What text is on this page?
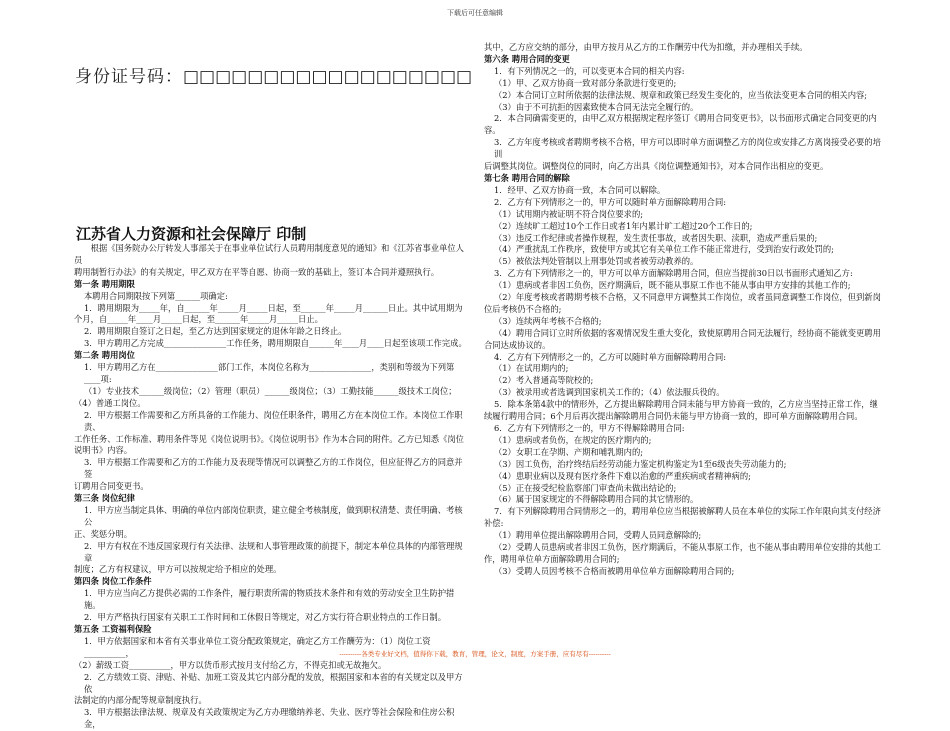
下载后可任意编辑
身份证号码：□□□□□□□□□□□□□□□□□□
江苏省人力资源和社会保障厅 印制

根据《国务院办公厅转发人事部关于在事业单位试行人员聘用制度意见的通知》和《江苏省事业单位人员

聘用制暂行办法》的有关规定，甲乙双方在平等自愿、协商一致的基础上，签订本合同并遵照执行。

第一条 聘用期限

本聘用合同期限按下列第______项确定:

1．聘用期限为_____年，自______年_____月_____日起，至______年_____月______日止。其中试用期为

个月，自_____年____月_____日起，至______年_____月_____日止。

2．聘用期限自签订之日起，至乙方达到国家规定的退休年龄之日终止。

3．甲方聘用乙方完成_______________工作任务，聘用期限自______年____月____日起至该项工作完成。

第二条 聘用岗位

1．甲方聘用乙方在_______________部门工作，本岗位名称为_______________，类别和等级为下列第____项:

（1）专业技术______级岗位；（2）管理（职员）______级岗位；（3）工勤技能______级技术工岗位；

（4）普通工岗位。

2．甲方根据工作需要和乙方所具备的工作能力、岗位任职条件，聘用乙方在本岗位工作。本岗位工作职责、

工作任务、工作标准、聘用条件等见《岗位说明书》。《岗位说明书》作为本合同的附件。乙方已知悉《岗位

说明书》内容。

3．甲方根据工作需要和乙方的工作能力及表现等情况可以调整乙方的工作岗位，但应征得乙方的同意并签

订聘用合同变更书。

第三条 岗位纪律

1．甲方应当制定具体、明确的单位内部岗位职责，建立健全考核制度，做到职权清楚、责任明确、考核公

正、奖惩分明。

2．甲方有权在不违反国家现行有关法律、法规和人事管理政策的前提下，制定本单位具体的内部管理规章

制度；乙方有权建议，甲方可以按规定给予相应的处理。

第四条 岗位工作条件

1．甲方应当向乙方提供必需的工作条件，履行职责所需的物质技术条件和有效的劳动安全卫生防护措施。

2．甲方严格执行国家有关职工工作时间和工休假日等规定，对乙方实行符合职业特点的工作日制。

第五条 工资福利保险

1．甲方依据国家和本省有关事业单位工资分配政策规定，确定乙方工作酬劳为：（1）岗位工资__________，

（2）薪级工资__________，甲方以货币形式按月支付给乙方，不得克扣或无故拖欠。

2．乙方绩效工资、津贴、补贴、加班工资及其它内部分配的发放，根据国家和本省的有关规定以及甲方依

法制定的内部分配等规章制度执行。

3．甲方根据法律法规、规章及有关政策规定为乙方办理缴纳养老、失业、医疗等社会保险和住房公积金，

其中，乙方应交纳的部分，由甲方按月从乙方的工作酬劳中代为扣缴，并办理相关手续。

第六条 聘用合同的变更

1．有下列情况之一的，可以变更本合同的相关内容:

（1）甲、乙双方协商一致对部分条款进行变更的;

（2）本合同订立时所依据的法律法规、规章和政策已经发生变化的，应当依法变更本合同的相关内容;

（3）由于不可抗拒的因素致使本合同无法完全履行的。

2．本合同确需变更的，由甲乙双方根据规定程序签订《聘用合同变更书》，以书面形式确定合同变更的内

容。

3．乙方年度考核或者聘期考核不合格，甲方可以即时单方面调整乙方的岗位或安排乙方离岗接受必要的培训

后调整其岗位。调整岗位的同时，向乙方出具《岗位调整通知书》，对本合同作出相应的变更。

第七条 聘用合同的解除

1．经甲、乙双方协商一致，本合同可以解除。

2．乙方有下列情形之一的，甲方可以随时单方面解除聘用合同:

（1）试用期内被证明不符合岗位要求的;

（2）连续旷工超过10个工作日或者1年内累计旷工超过20个工作日的;

（3）违反工作纪律或者操作规程，发生责任事故，或者因失职、渎职，造成严重后果的;

（4）严重扰乱工作秩序，致使甲方或其它有关单位工作不能正常进行，受到治安行政处罚的;

（5）被依法判处管制以上刑事处罚或者被劳动教养的。

3．乙方有下列情形之一的，甲方可以单方面解除聘用合同，但应当提前30日以书面形式通知乙方:

（1）患病或者非因工负伤，医疗期满后，既不能从事原工作也不能从事由甲方安排的其他工作的;

（2）年度考核或者聘期考核不合格，又不同意甲方调整其工作岗位，或者虽同意调整工作岗位，但到新岗

位后考核仍不合格的;

（3）连续两年考核不合格的;

（4）聘用合同订立时所依据的客观情况发生重大变化，致使原聘用合同无法履行，经协商不能就变更聘用

合同达成协议的。

4．乙方有下列情形之一的，乙方可以随时单方面解除聘用合同:

（1）在试用期内的;

（2）考入普通高等院校的;

（3）被录用或者选调到国家机关工作的；（4）依法服兵役的。

5．除本条第4款中的情形外，乙方提出解除聘用合同未能与甲方协商一致的，乙方应当坚持正常工作，继

续履行聘用合同；6个月后再次提出解除聘用合同仍未能与甲方协商一致的，即可单方面解除聘用合同。

6．乙方有下列情形之一的，甲方不得解除聘用合同:

（1）患病或者负伤，在规定的医疗期内的;

（2）女职工在孕期、产期和哺乳期内的;

（3）因工负伤，治疗终结后经劳动能力鉴定机构鉴定为1至6级丧失劳动能力的;

（4）患职业病以及现有医疗条件下难以治愈的严重疾病或者精神病的;

（5）正在接受纪检监察部门审查尚未做出结论的;

（6）属于国家规定的不得解除聘用合同的其它情形的。

7．有下列解除聘用合同情形之一的，聘用单位应当根据被解聘人员在本单位的实际工作年限向其支付经济

补偿:

（1）聘用单位提出解除聘用合同，受聘人员同意解除的;

（2）受聘人员患病或者非因工负伤，医疗期满后，不能从事原工作，也不能从事由聘用单位安排的其他工

作，聘用单位单方面解除聘用合同的;

（3）受聘人员因考核不合格而被聘用单位单方面解除聘用合同的;

----------各类专业好文档，值得你下载，教育，管理，论文，制度，方案手册，应有尽有----------
